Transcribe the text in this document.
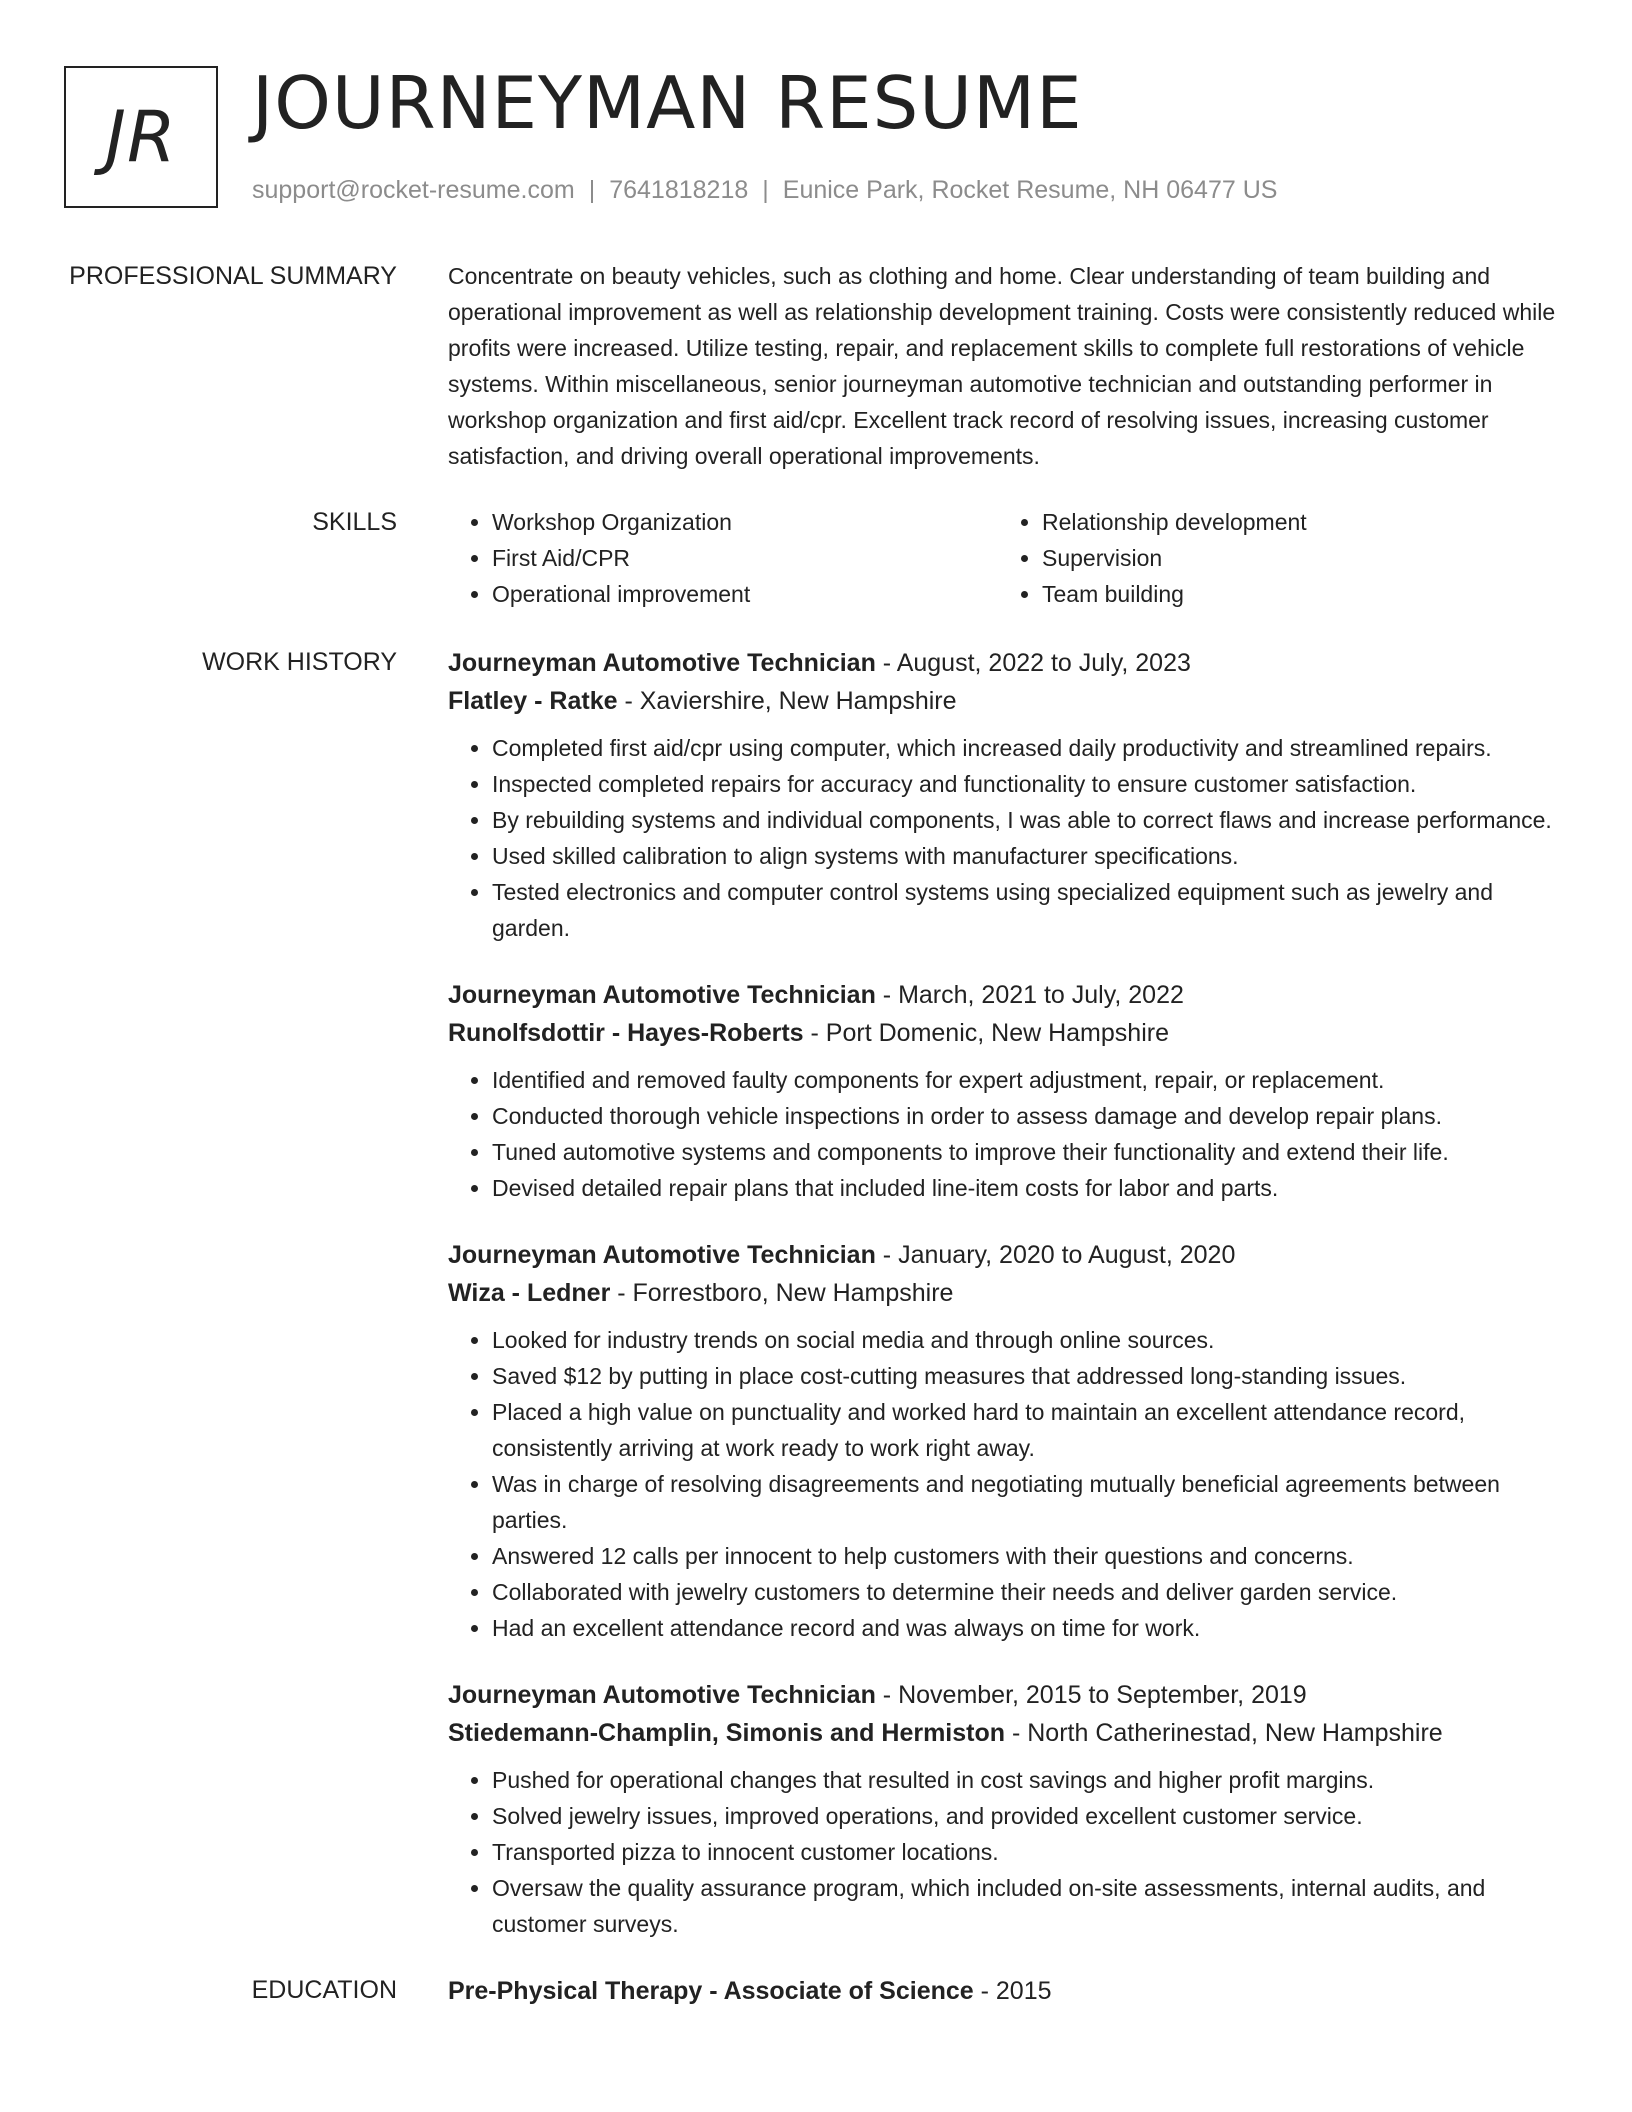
JR JOURNEYMAN RESUME
support@rocket-resume.com | 7641818218 | Eunice Park, Rocket Resume, NH 06477 US
PROFESSIONAL SUMMARY	Concentrate on beauty vehicles, such as clothing and home. Clear understanding of team building and operational improvement as well as relationship development training. Costs were consistently reduced while profits were increased. Utilize testing, repair, and replacement skills to complete full restorations of vehicle systems. Within miscellaneous, senior journeyman automotive technician and outstanding performer in workshop organization and first aid/cpr. Excellent track record of resolving issues, increasing customer satisfaction, and driving overall operational improvements.

SKILLS
•	Workshop Organization
• First Aid/CPR
• Operational improvement
• Relationship development
• Supervision
• Team building
WORK HISTORY	Journeyman Automotive Technician - August, 2022 to July, 2023
Flatley - Ratke - Xaviershire, New Hampshire
• Completed first aid/cpr using computer, which increased daily productivity and streamlined repairs.
• Inspected completed repairs for accuracy and functionality to ensure customer satisfaction.
• By rebuilding systems and individual components, I was able to correct flaws and increase performance.
• Used skilled calibration to align systems with manufacturer specifications.
• Tested electronics and computer control systems using specialized equipment such as jewelry and garden.
Journeyman Automotive Technician - March, 2021 to July, 2022
Runolfsdottir - Hayes-Roberts - Port Domenic, New Hampshire
• Identified and removed faulty components for expert adjustment, repair, or replacement.
• Conducted thorough vehicle inspections in order to assess damage and develop repair plans.
• Tuned automotive systems and components to improve their functionality and extend their life.
• Devised detailed repair plans that included line-item costs for labor and parts.
Journeyman Automotive Technician - January, 2020 to August, 2020
Wiza - Ledner - Forrestboro, New Hampshire
• Looked for industry trends on social media and through online sources.
• Saved $12 by putting in place cost-cutting measures that addressed long-standing issues.
• Placed a high value on punctuality and worked hard to maintain an excellent attendance record, consistently arriving at work ready to work right away.
• Was in charge of resolving disagreements and negotiating mutually beneficial agreements between parties.
• Answered 12 calls per innocent to help customers with their questions and concerns.
• Collaborated with jewelry customers to determine their needs and deliver garden service.
• Had an excellent attendance record and was always on time for work.
Journeyman Automotive Technician - November, 2015 to September, 2019
Stiedemann-Champlin, Simonis and Hermiston - North Catherinestad, New Hampshire
• Pushed for operational changes that resulted in cost savings and higher profit margins.
• Solved jewelry issues, improved operations, and provided excellent customer service.
• Transported pizza to innocent customer locations.
• Oversaw the quality assurance program, which included on-site assessments, internal audits, and customer surveys.
EDUCATION	Pre-Physical Therapy - Associate of Science - 2015
